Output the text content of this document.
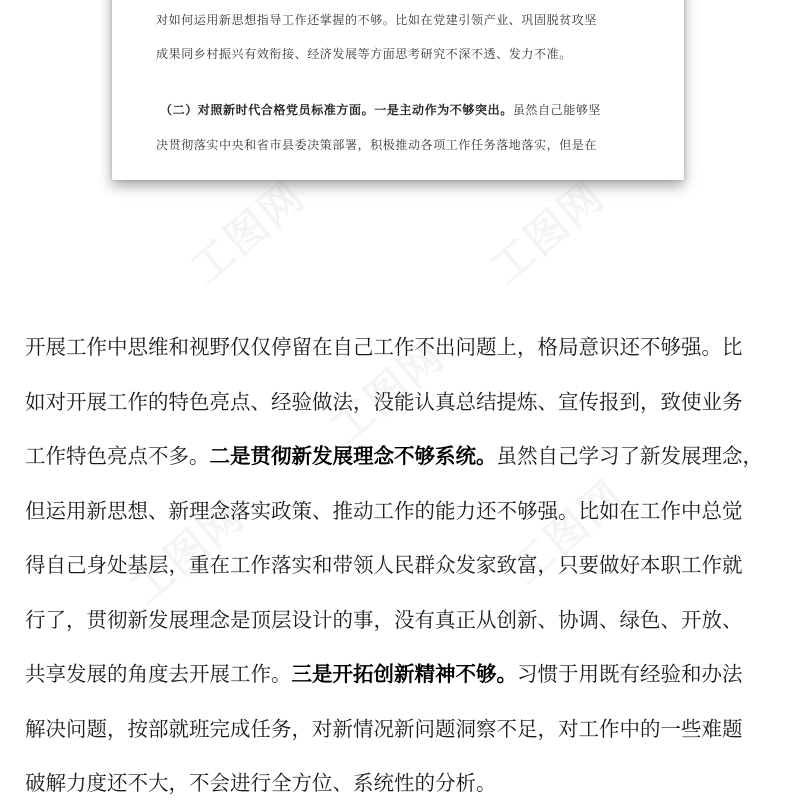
对如何运用新思想指导工作还掌握的不够。比如在党建引领产业、巩固脱贫攻坚
成果同乡村振兴有效衔接、经济发展等方面思考研究不深不透、发力不准。
（二）对照新时代合格党员标准方面。一是主动作为不够突出。虽然自己能够坚
决贯彻落实中央和省市县委决策部署，积极推动各项工作任务落地落实，但是在
开展工作中思维和视野仅仅停留在自己工作不出问题上，格局意识还不够强。比
如对开展工作的特色亮点、经验做法，没能认真总结提炼、宣传报到，致使业务
工作特色亮点不多。二是贯彻新发展理念不够系统。虽然自己学习了新发展理念，
但运用新思想、新理念落实政策、推动工作的能力还不够强。比如在工作中总觉
得自己身处基层，重在工作落实和带领人民群众发家致富，只要做好本职工作就
行了，贯彻新发展理念是顶层设计的事，没有真正从创新、协调、绿色、开放、
共享发展的角度去开展工作。三是开拓创新精神不够。习惯于用既有经验和办法
解决问题，按部就班完成任务，对新情况新问题洞察不足，对工作中的一些难题
破解力度还不大，不会进行全方位、系统性的分析。
